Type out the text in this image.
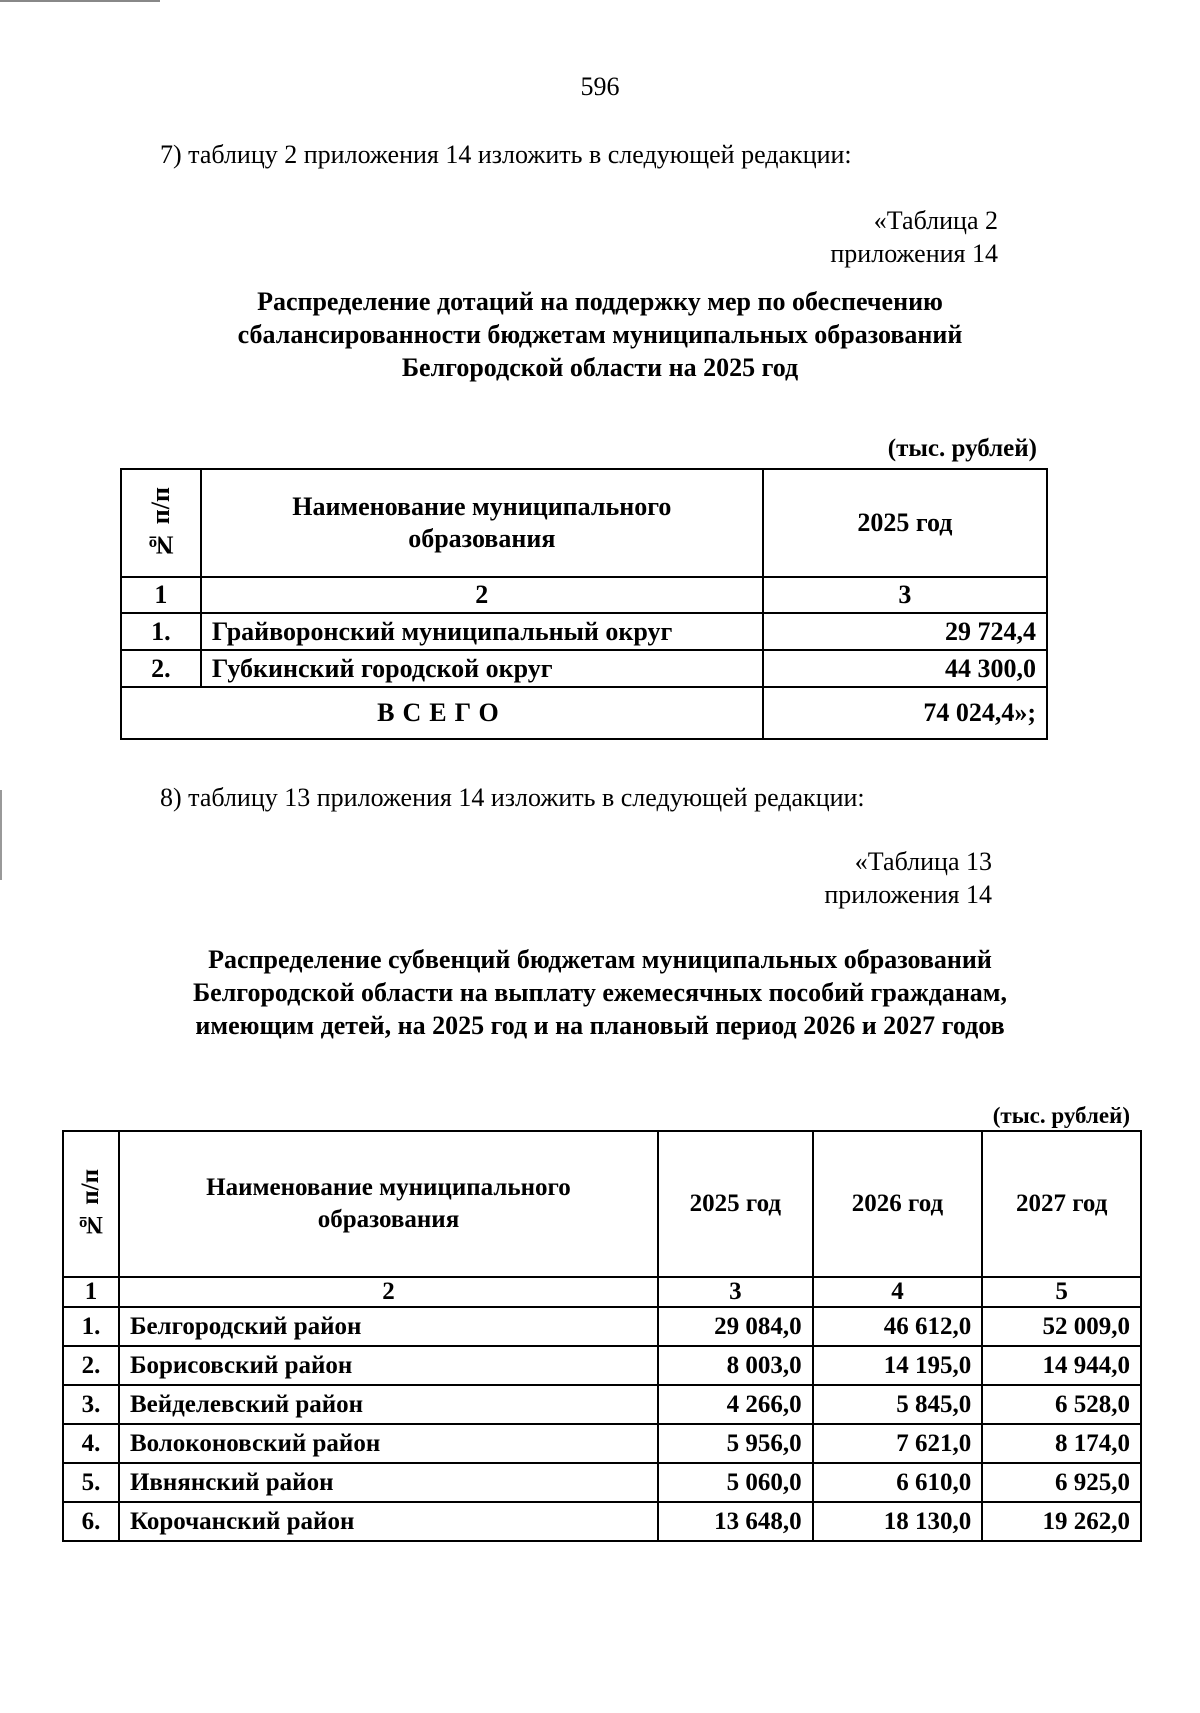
596
7) таблицу 2 приложения 14 изложить в следующей редакции:
«Таблица 2
приложения 14
Распределение дотаций на поддержку мер по обеспечению
сбалансированности бюджетам муниципальных образований
Белгородской области на 2025 год
(тыс. рублей)
№ п/п	Наименование муниципального образования	2025 год
1	2	3
1.	Грайворонский муниципальный округ	29 724,4
2.	Губкинский городской округ	44 300,0
ВСЕГО		74 024,4»;
8) таблицу 13 приложения 14 изложить в следующей редакции:
«Таблица 13
приложения 14
Распределение субвенций бюджетам муниципальных образований
Белгородской области на выплату ежемесячных пособий гражданам,
имеющим детей, на 2025 год и на плановый период 2026 и 2027 годов
(тыс. рублей)
№ п/п	Наименование муниципального образования	2025 год	2026 год	2027 год
1	2	3	4	5
1.	Белгородский район	29 084,0	46 612,0	52 009,0
2.	Борисовский район	8 003,0	14 195,0	14 944,0
3.	Вейделевский район	4 266,0	5 845,0	6 528,0
4.	Волоконовский район	5 956,0	7 621,0	8 174,0
5.	Ивнянский район	5 060,0	6 610,0	6 925,0
6.	Корочанский район	13 648,0	18 130,0	19 262,0
